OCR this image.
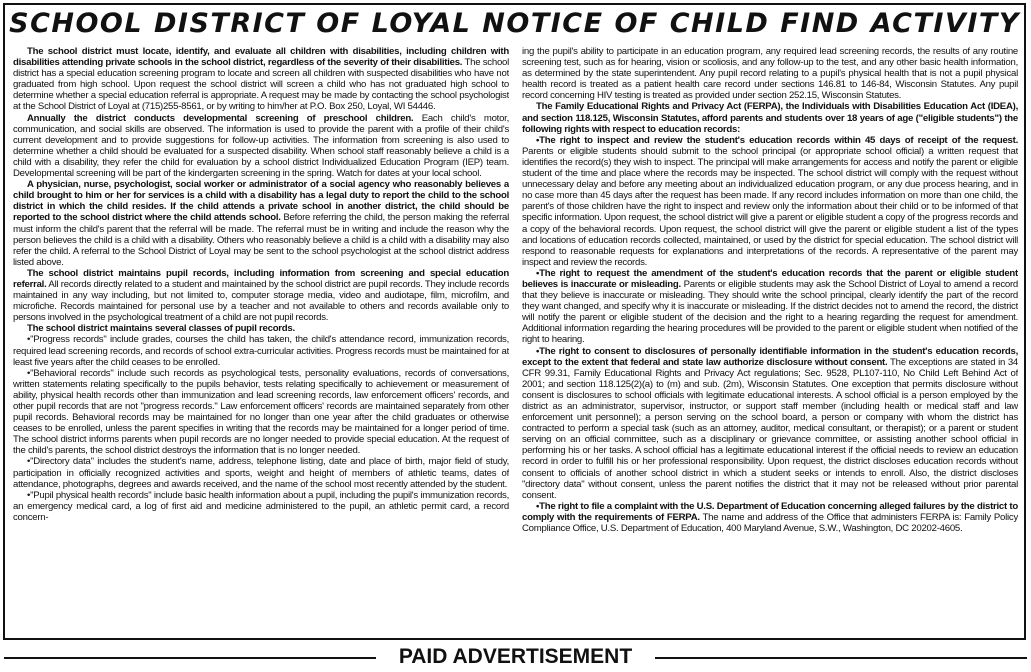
SCHOOL DISTRICT OF LOYAL NOTICE OF CHILD FIND ACTIVITY

The school district must locate, identify, and evaluate all children with disabilities, including children with disabilities attending private schools in the school district, regardless of the severity of their disabilities. The school district has a special education screening program to locate and screen all children with suspected disabilities who have not graduated from high school. Upon request the school district will screen a child who has not graduated high school to determine whether a special education referral is appropriate. A request may be made by contacting the school psychologist at the School District of Loyal at (715)255-8561, or by writing to him/her at P.O. Box 250, Loyal, WI 54446.

Annually the district conducts developmental screening of preschool children. Each child's motor, communication, and social skills are observed. The information is used to provide the parent with a profile of their child's current development and to provide suggestions for follow-up activities. The information from screening is also used to determine whether a child should be evaluated for a suspected disability. When school staff reasonably believe a child is a child with a disability, they refer the child for evaluation by a school district Individualized Education Program (IEP) team. Developmental screening will be part of the kindergarten screening in the spring. Watch for dates at your local school.

A physician, nurse, psychologist, social worker or administrator of a social agency who reasonably believes a child brought to him or her for services is a child with a disability has a legal duty to report the child to the school district in which the child resides. If the child attends a private school in another district, the child should be reported to the school district where the child attends school. Before referring the child, the person making the referral must inform the child's parent that the referral will be made. The referral must be in writing and include the reason why the person believes the child is a child with a disability. Others who reasonably believe a child is a child with a disability may also refer the child. A referral to the School District of Loyal may be sent to the school psychologist at the school district address listed above.

The school district maintains pupil records, including information from screening and special education referral. All records directly related to a student and maintained by the school district are pupil records. They include records maintained in any way including, but not limited to, computer storage media, video and audiotape, film, microfilm, and microfiche. Records maintained for personal use by a teacher and not available to others and records available only to persons involved in the psychological treatment of a child are not pupil records.

The school district maintains several classes of pupil records.

•"Progress records" include grades, courses the child has taken, the child's attendance record, immunization records, required lead screening records, and records of school extra-curricular activities. Progress records must be maintained for at least five years after the child ceases to be enrolled.

•"Behavioral records" include such records as psychological tests, personality evaluations, records of conversations, written statements relating specifically to the pupils behavior, tests relating specifically to achievement or measurement of ability, physical health records other than immunization and lead screening records, law enforcement officers' records, and other pupil records that are not "progress records." Law enforcement officers' records are maintained separately from other pupil records. Behavioral records may be maintained for no longer than one year after the child graduates or otherwise ceases to be enrolled, unless the parent specifies in writing that the records may be maintained for a longer period of time. The school district informs parents when pupil records are no longer needed to provide special education. At the request of the child's parents, the school district destroys the information that is no longer needed.

•"Directory data" includes the student's name, address, telephone listing, date and place of birth, major field of study, participation in officially recognized activities and sports, weight and height of members of athletic teams, dates of attendance, photographs, degrees and awards received, and the name of the school most recently attended by the student.

•"Pupil physical health records" include basic health information about a pupil, including the pupil's immunization records, an emergency medical card, a log of first aid and medicine administered to the pupil, an athletic permit card, a record concern-

ing the pupil's ability to participate in an education program, any required lead screening records, the results of any routine screening test, such as for hearing, vision or scoliosis, and any follow-up to the test, and any other basic health information, as determined by the state superintendent. Any pupil record relating to a pupil's physical health that is not a pupil physical health record is treated as a patient health care record under sections 146.81 to 146-84, Wisconsin Statutes. Any pupil record concerning HIV testing is treated as provided under section 252.15, Wisconsin Statutes.

The Family Educational Rights and Privacy Act (FERPA), the Individuals with Disabilities Education Act (IDEA), and section 118.125, Wisconsin Statutes, afford parents and students over 18 years of age ("eligible students") the following rights with respect to education records:

•The right to inspect and review the student's education records within 45 days of receipt of the request. Parents or eligible students should submit to the school principal (or appropriate school official) a written request that identifies the record(s) they wish to inspect. The principal will make arrangements for access and notify the parent or eligible student of the time and place where the records may be inspected. The school district will comply with the request without unnecessary delay and before any meeting about an individualized education program, or any due process hearing, and in no case more than 45 days after the request has been made. If any record includes information on more than one child, the parent's of those children have the right to inspect and review only the information about their child or to be informed of that specific information. Upon request, the school district will give a parent or eligible student a copy of the progress records and a copy of the behavioral records. Upon request, the school district will give the parent or eligible student a list of the types and locations of education records collected, maintained, or used by the district for special education. The school district will respond to reasonable requests for explanations and interpretations of the records. A representative of the parent may inspect and review the records.

•The right to request the amendment of the student's education records that the parent or eligible student believes is inaccurate or misleading. Parents or eligible students may ask the School District of Loyal to amend a record that they believe is inaccurate or misleading. They should write the school principal, clearly identify the part of the record they want changed, and specify why it is inaccurate or misleading. If the district decides not to amend the record, the district will notify the parent or eligible student of the decision and the right to a hearing regarding the request for amendment. Additional information regarding the hearing procedures will be provided to the parent or eligible student when notified of the right to hearing.

•The right to consent to disclosures of personally identifiable information in the student's education records, except to the extent that federal and state law authorize disclosure without consent. The exceptions are stated in 34 CFR 99.31, Family Educational Rights and Privacy Act regulations; Sec. 9528, PL107-110, No Child Left Behind Act of 2001; and section 118.125(2)(a) to (m) and sub. (2m), Wisconsin Statutes. One exception that permits disclosure without consent is disclosures to school officials with legitimate educational interests. A school official is a person employed by the district as an administrator, supervisor, instructor, or support staff member (including health or medical staff and law enforcement unit personnel); a person serving on the school board, a person or company with whom the district has contracted to perform a special task (such as an attorney, auditor, medical consultant, or therapist); or a parent or student serving on an official committee, such as a disciplinary or grievance committee, or assisting another school official in performing his or her tasks. A school official has a legitimate educational interest if the official needs to review an education record in order to fulfill his or her professional responsibility. Upon request, the district discloses education records without consent to officials of another school district in which a student seeks or intends to enroll. Also, the district discloses "directory data" without consent, unless the parent notifies the district that it may not be released without prior parental consent.

•The right to file a complaint with the U.S. Department of Education concerning alleged failures by the district to comply with the requirements of FERPA. The name and address of the Office that administers FERPA is: Family Policy Compliance Office, U.S. Department of Education, 400 Maryland Avenue, S.W., Washington, DC 20202-4605.

PAID ADVERTISEMENT
